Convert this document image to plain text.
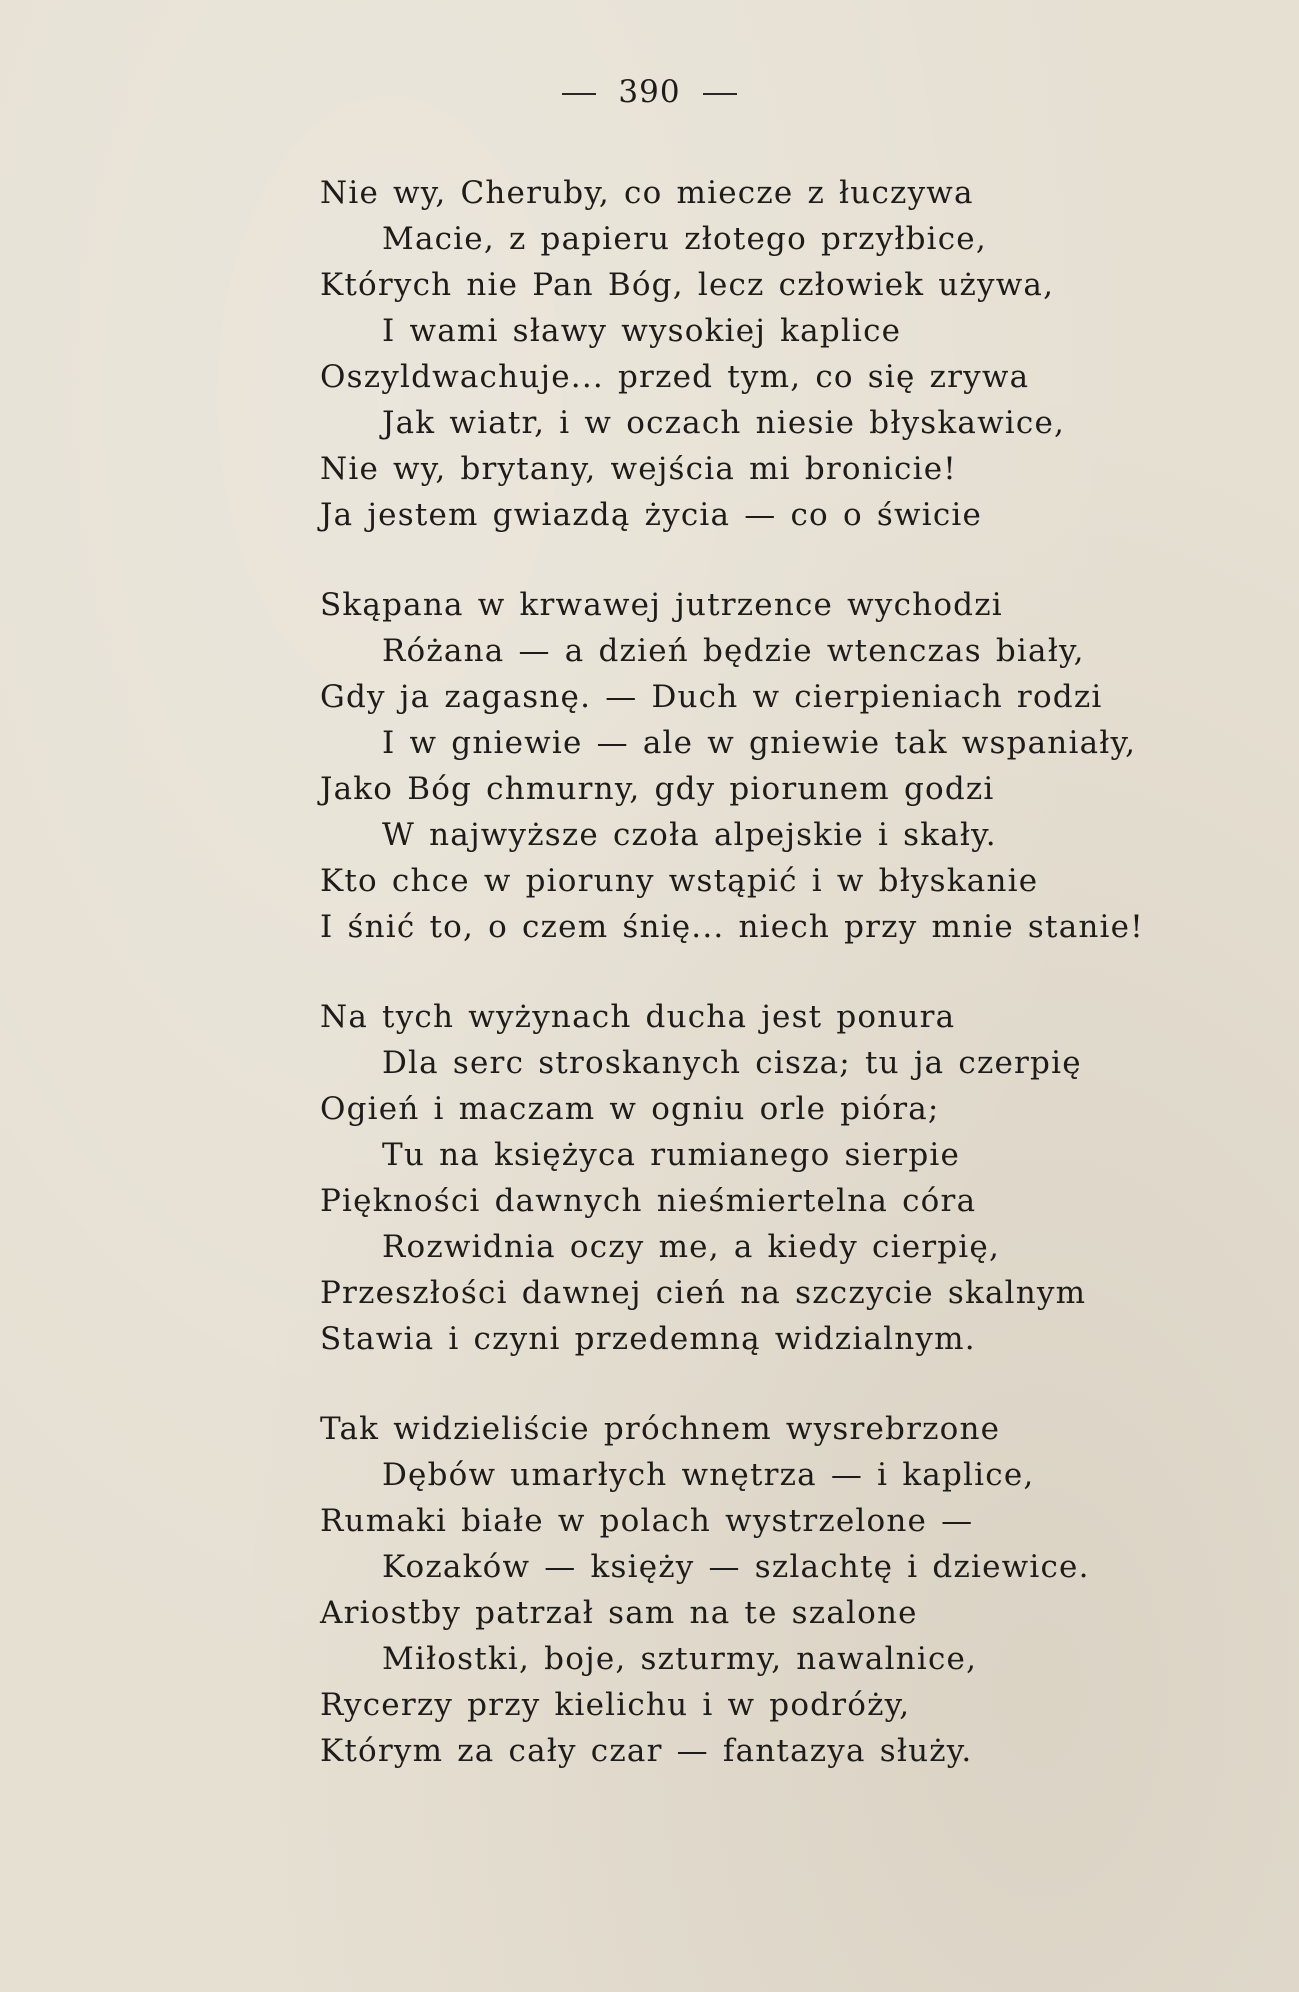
390
Nie wy, Cheruby, co miecze z łuczywa
Macie, z papieru złotego przyłbice,
Których nie Pan Bóg, lecz człowiek używa,
I wami sławy wysokiej kaplice
Oszyldwachuje... przed tym, co się zrywa
Jak wiatr, i w oczach niesie błyskawice,
Nie wy, brytany, wejścia mi bronicie!
Ja jestem gwiazdą życia — co o świcie
Skąpana w krwawej jutrzence wychodzi
Różana — a dzień będzie wtenczas biały,
Gdy ja zagasnę. — Duch w cierpieniach rodzi
I w gniewie — ale w gniewie tak wspaniały,
Jako Bóg chmurny, gdy piorunem godzi
W najwyższe czoła alpejskie i skały.
Kto chce w pioruny wstąpić i w błyskanie
I śnić to, o czem śnię... niech przy mnie stanie!
Na tych wyżynach ducha jest ponura
Dla serc stroskanych cisza; tu ja czerpię
Ogień i maczam w ogniu orle pióra;
Tu na księżyca rumianego sierpie
Piękności dawnych nieśmiertelna córa
Rozwidnia oczy me, a kiedy cierpię,
Przeszłości dawnej cień na szczycie skalnym
Stawia i czyni przedemną widzialnym.
Tak widzieliście próchnem wysrebrzone
Dębów umarłych wnętrza — i kaplice,
Rumaki białe w polach wystrzelone —
Kozaków — księży — szlachtę i dziewice.
Ariostby patrzał sam na te szalone
Miłostki, boje, szturmy, nawalnice,
Rycerzy przy kielichu i w podróży,
Którym za cały czar — fantazya służy.
